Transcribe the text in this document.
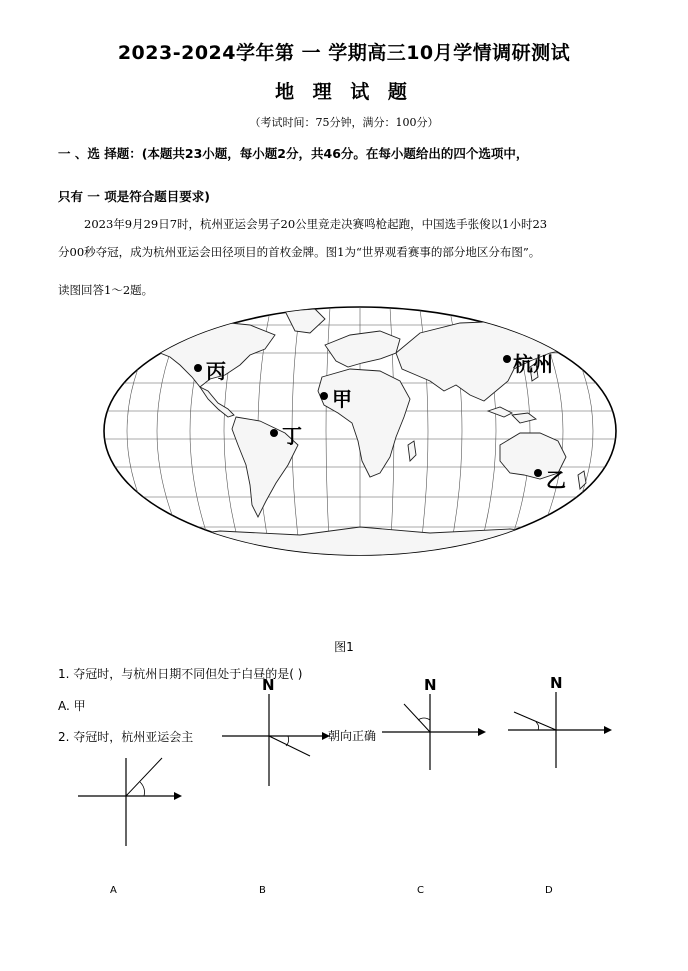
2023-2024学年第 一 学期高三10月学情调研测试
地 理 试 题
（考试时间：75分钟，满分：100分）
一 、选 择题：(本题共23小题，每小题2分，共46分。在每小题给出的四个选项中，
只有 一 项是符合题目要求)
2023年9月29日7时，杭州亚运会男子20公里竞走决赛鸣枪起跑，中国选手张俊以1小时23
分00秒夺冠，成为杭州亚运会田径项目的首枚金牌。图1为“世界观看赛事的部分地区分布图”。
读图回答1～2题。
丙
甲
丁
杭州
乙
图1
1. 夺冠时，与杭州日期不同但处于白昼的是( )
A. 甲
2. 夺冠时，杭州亚运会主
N
朝向正确
N	N
A	B	C	D
